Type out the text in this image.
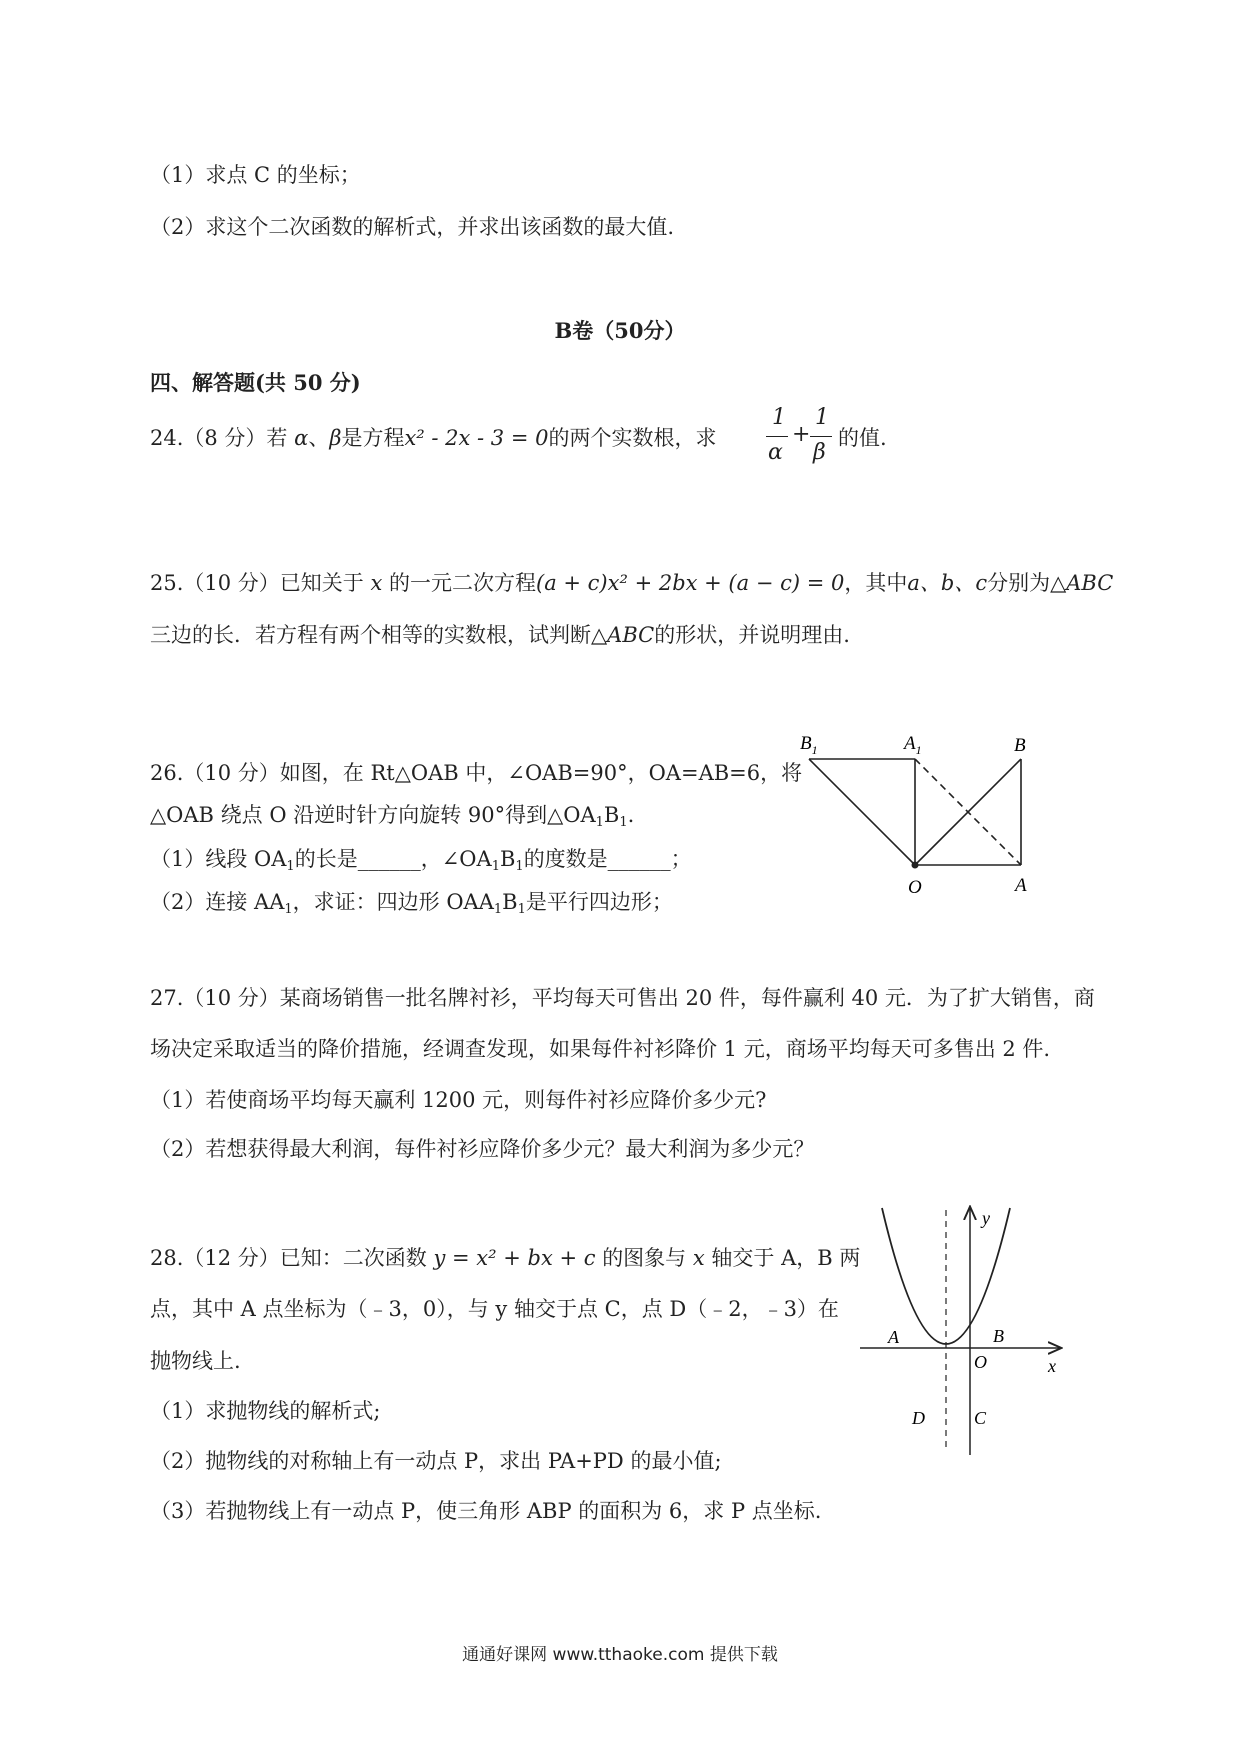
（1）求点 C 的坐标；
（2）求这个二次函数的解析式，并求出该函数的最大值.
B卷（50分）
四、解答题(共 50 分)
24.（8 分）若 α、β是方程x² - 2x - 3 = 0的两个实数根，求
1
α
+
1
β
的值.
25.（10 分）已知关于 x 的一元二次方程(a + c)x² + 2bx + (a − c) = 0，其中a、b、c分别为△ABC
三边的长．若方程有两个相等的实数根，试判断△ABC的形状，并说明理由.
26.（10 分）如图，在 Rt△OAB 中，∠OAB=90°，OA=AB=6，将
△OAB 绕点 O 沿逆时针方向旋转 90°得到$\triangle OA_1B_1$.
（1）线段 $OA_1$的长是______，$\angle OA_1B_1$的度数是______；
（2）连接 $AA_1$，求证：四边形 $OAA_1B_1$是平行四边形；
$B_1$	$A_1$	B
O	A
27.（10 分）某商场销售一批名牌衬衫，平均每天可售出 20 件，每件赢利 40 元．为了扩大销售，商
场决定采取适当的降价措施，经调查发现，如果每件衬衫降价 1 元，商场平均每天可多售出 2 件.
（1）若使商场平均每天赢利 1200 元，则每件衬衫应降价多少元?
（2）若想获得最大利润，每件衬衫应降价多少元？最大利润为多少元？
28.（12 分）已知：二次函数 y = x² + bx + c 的图象与 x 轴交于 A，B 两
点，其中 A 点坐标为（﹣3，0），与 y 轴交于点 C，点 D（﹣2，﹣3）在
抛物线上.
（1）求抛物线的解析式;
（2）抛物线的对称轴上有一动点 P，求出 PA+PD 的最小值;
（3）若抛物线上有一动点 P，使三角形 ABP 的面积为 6，求 P 点坐标.
y
x
A	B
O
D	C
通通好课网 www.tthaoke.com 提供下载
